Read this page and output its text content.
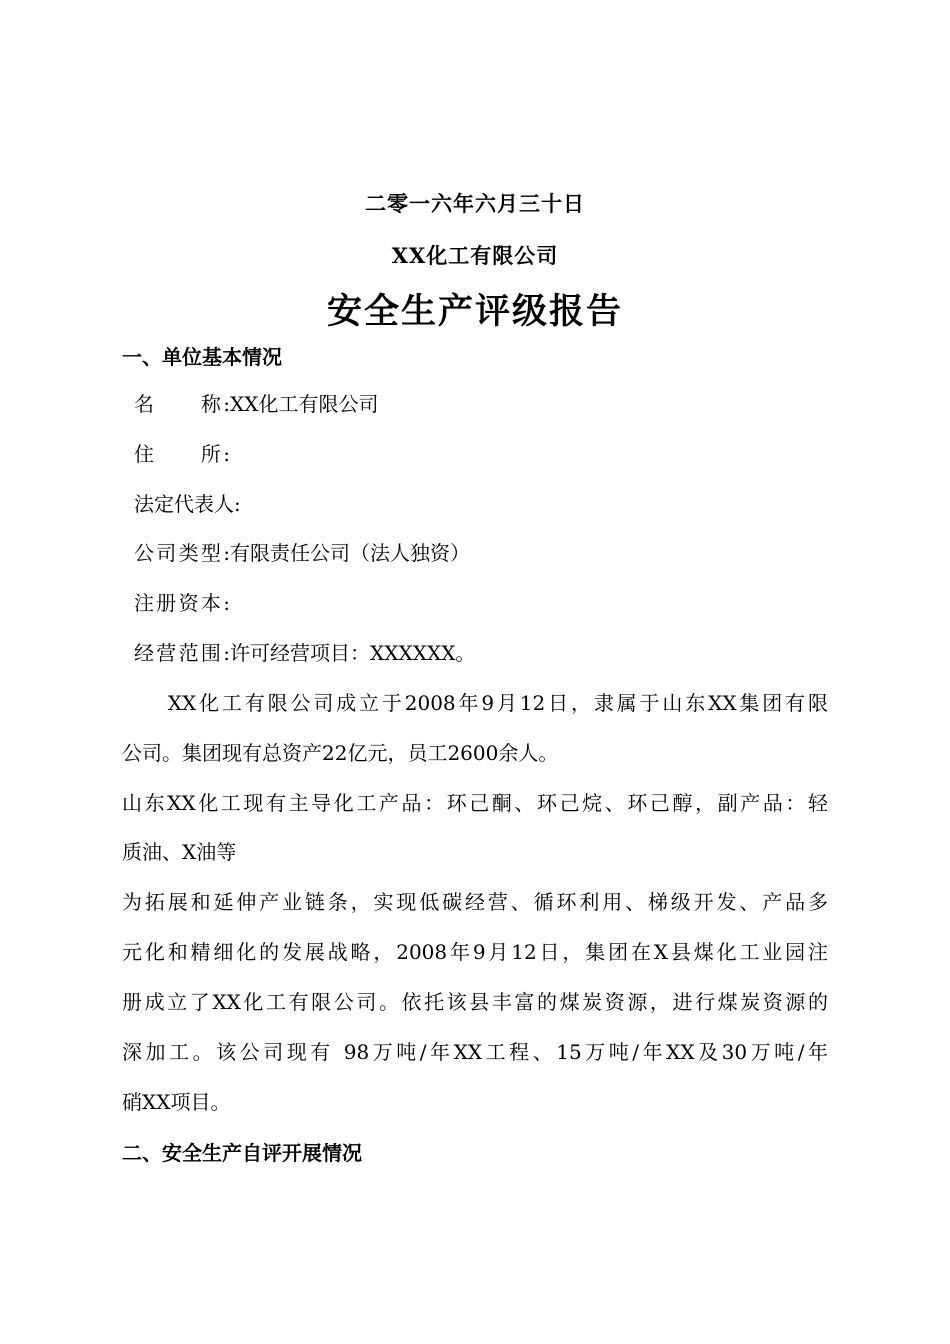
二零一六年六月三十日
XX化工有限公司
安全生产评级报告
一、单位基本情况
名　　称:XX化工有限公司
住　　所:
法定代表人:
公司类型:有限责任公司（法人独资）
注册资本:
经营范围:许可经营项目：XXXXXX。
　　XX化工有限公司成立于2008年9月12日，隶属于山东XX集团有限
公司。集团现有总资产22亿元，员工2600余人。
山东XX化工现有主导化工产品：环己酮、环己烷、环己醇，副产品：轻
质油、X油等
为拓展和延伸产业链条，实现低碳经营、循环利用、梯级开发、产品多
元化和精细化的发展战略，2008年9月12日，集团在X县煤化工业园注
册成立了XX化工有限公司。依托该县丰富的煤炭资源，进行煤炭资源的
深加工。该公司现有 98万吨/年XX工程、15万吨/年XX及30万吨/年
硝XX项目。
二、安全生产自评开展情况
